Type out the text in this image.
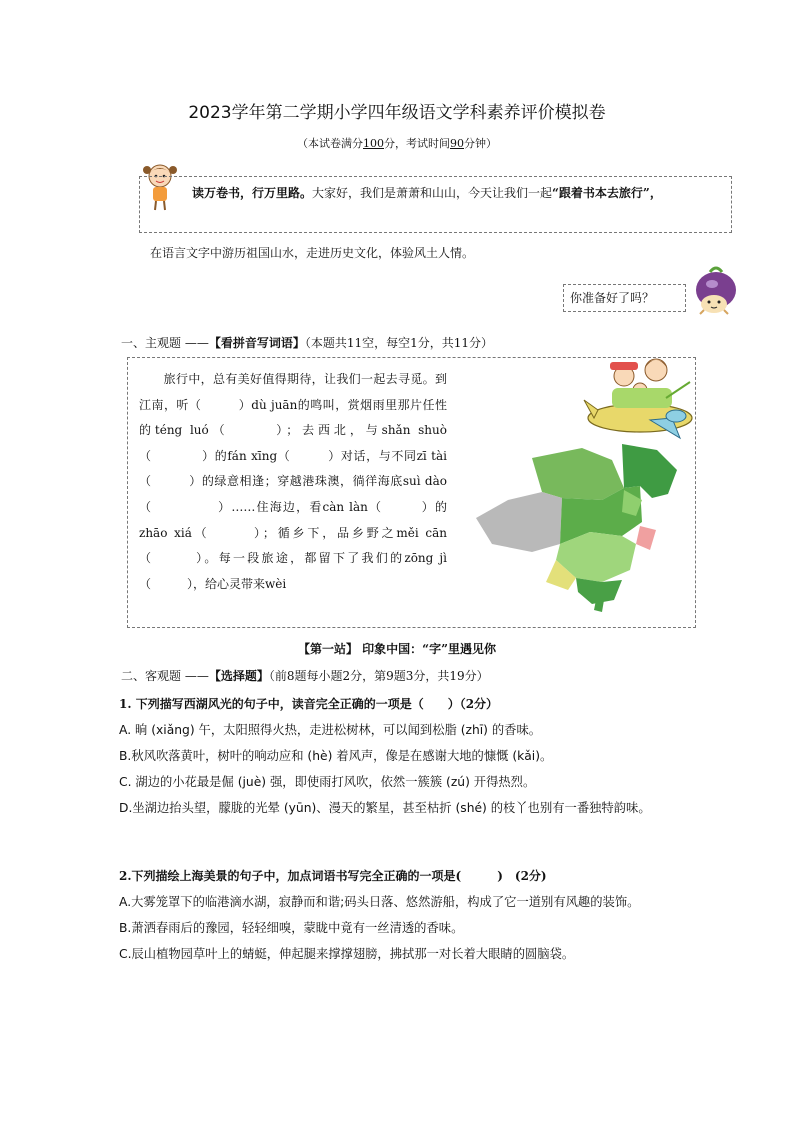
2023学年第二学期小学四年级语文学科素养评价模拟卷
（本试卷满分100分，考试时间90分钟）
读万卷书，行万里路。大家好，我们是萧萧和山山，今天让我们一起“跟着书本去旅行”，
在语言文字中游历祖国山水，走进历史文化，体验风土人情。
你准备好了吗？
一、主观题 ——【看拼音写词语】（本题共11空，每空1分，共11分）
　　旅行中，总有美好值得期待，让我们一起去寻觅。到江南，听（　　　）dù juān的鸣叫，赏烟雨里那片任性的téng luó（　　　）；去西北，与shǎn shuò（　　　　）的fán xīng（　　　）对话，与不同zī tài（　　　）的绿意相逢；穿越港珠澳，徜徉海底suì dào（　　　　　）……住海边，看càn làn（　　　）的zhāo xiá（　　　）；循乡下，品乡野之měi cān（　　　）。每一段旅途，都留下了我们的zōng jì（　　　），给心灵带来wèi
【第一站】 印象中国：“字”里遇见你
二、客观题 ——【选择题】（前8题每小题2分，第9题3分，共19分）
1. 下列描写西湖风光的句子中，读音完全正确的一项是（　　）（2分）
A. 晌 (xiǎng) 午，太阳照得火热，走进松树林，可以闻到松脂 (zhī) 的香味。
B.秋风吹落黄叶，树叶的响动应和 (hè) 着风声，像是在感谢大地的慷慨 (kǎi)。
C. 湖边的小花最是倔 (juè) 强，即使雨打风吹，依然一簇簇 (zú) 开得热烈。
D.坐湖边抬头望，朦胧的光晕 (yūn)、漫天的繁星，甚至枯折 (shé) 的枝丫也别有一番独特韵味。
2.下列描绘上海美景的句子中，加点词语书写完全正确的一项是(　　　)　(2分)
A.大雾笼罩下的临港滴水湖，寂静而和谐;码头日落、悠然游船，构成了它一道别有风趣的装饰。
B.萧洒春雨后的豫园，轻轻细嗅，蒙眬中竟有一丝清透的香味。
C.辰山植物园草叶上的蜻蜓，伸起腿来撑撑翅膀，拂拭那一对长着大眼睛的圆脑袋。
